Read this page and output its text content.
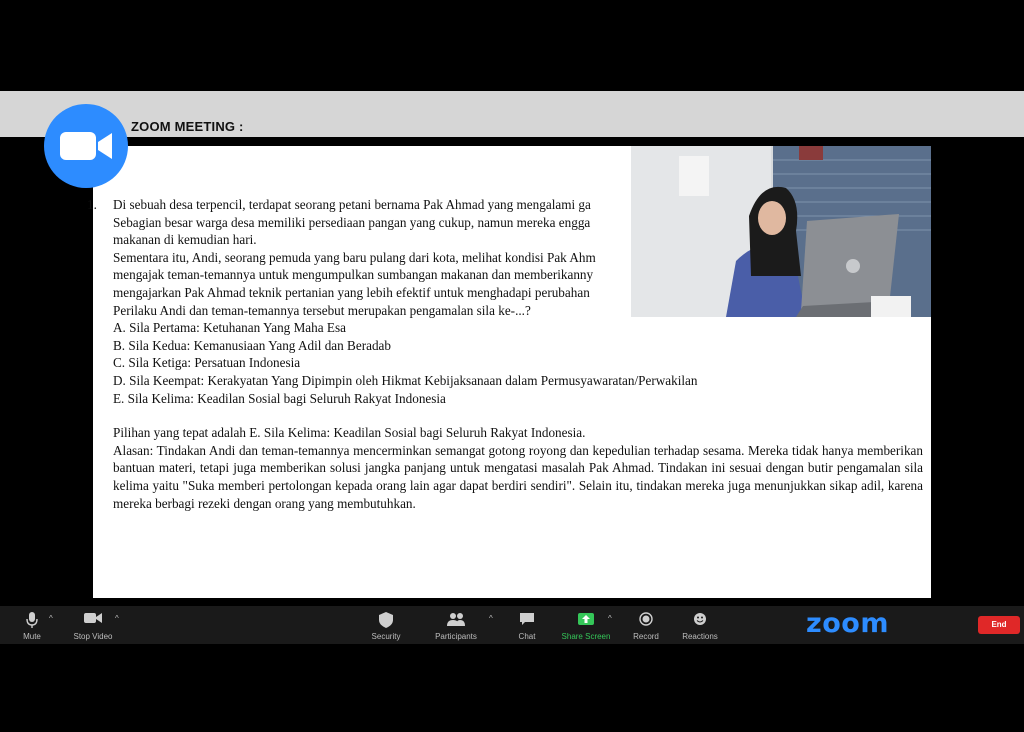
ZOOM MEETING :
1. Di sebuah desa terpencil, terdapat seorang petani bernama Pak Ahmad yang mengalami ga

Sebagian besar warga desa memiliki persediaan pangan yang cukup, namun mereka engga

makanan di kemudian hari.

Sementara itu, Andi, seorang pemuda yang baru pulang dari kota, melihat kondisi Pak Ahm

mengajak teman-temannya untuk mengumpulkan sumbangan makanan dan memberikanny

mengajarkan Pak Ahmad teknik pertanian yang lebih efektif untuk menghadapi perubahan

Perilaku Andi dan teman-temannya tersebut merupakan pengamalan sila ke-...?

A. Sila Pertama: Ketuhanan Yang Maha Esa

B. Sila Kedua: Kemanusiaan Yang Adil dan Beradab

C. Sila Ketiga: Persatuan Indonesia

D. Sila Keempat: Kerakyatan Yang Dipimpin oleh Hikmat Kebijaksanaan dalam Permusyawaratan/Perwakilan

E. Sila Kelima: Keadilan Sosial bagi Seluruh Rakyat Indonesia

Pilihan yang tepat adalah E. Sila Kelima: Keadilan Sosial bagi Seluruh Rakyat Indonesia.

Alasan: Tindakan Andi dan teman-temannya mencerminkan semangat gotong royong dan kepedulian terhadap sesama. Mereka tidak hanya memberikan bantuan materi, tetapi juga memberikan solusi jangka panjang untuk mengatasi masalah Pak Ahmad. Tindakan ini sesuai dengan butir pengamalan sila kelima yaitu "Suka memberi pertolongan kepada orang lain agar dapat berdiri sendiri". Selain itu, tindakan mereka juga menunjukkan sikap adil, karena mereka berbagi rezeki dengan orang yang membutuhkan.

Mute
^
Stop Video
^
Security	Participants
^
Chat	Share Screen
^
Record	Reactions	zoom	End
